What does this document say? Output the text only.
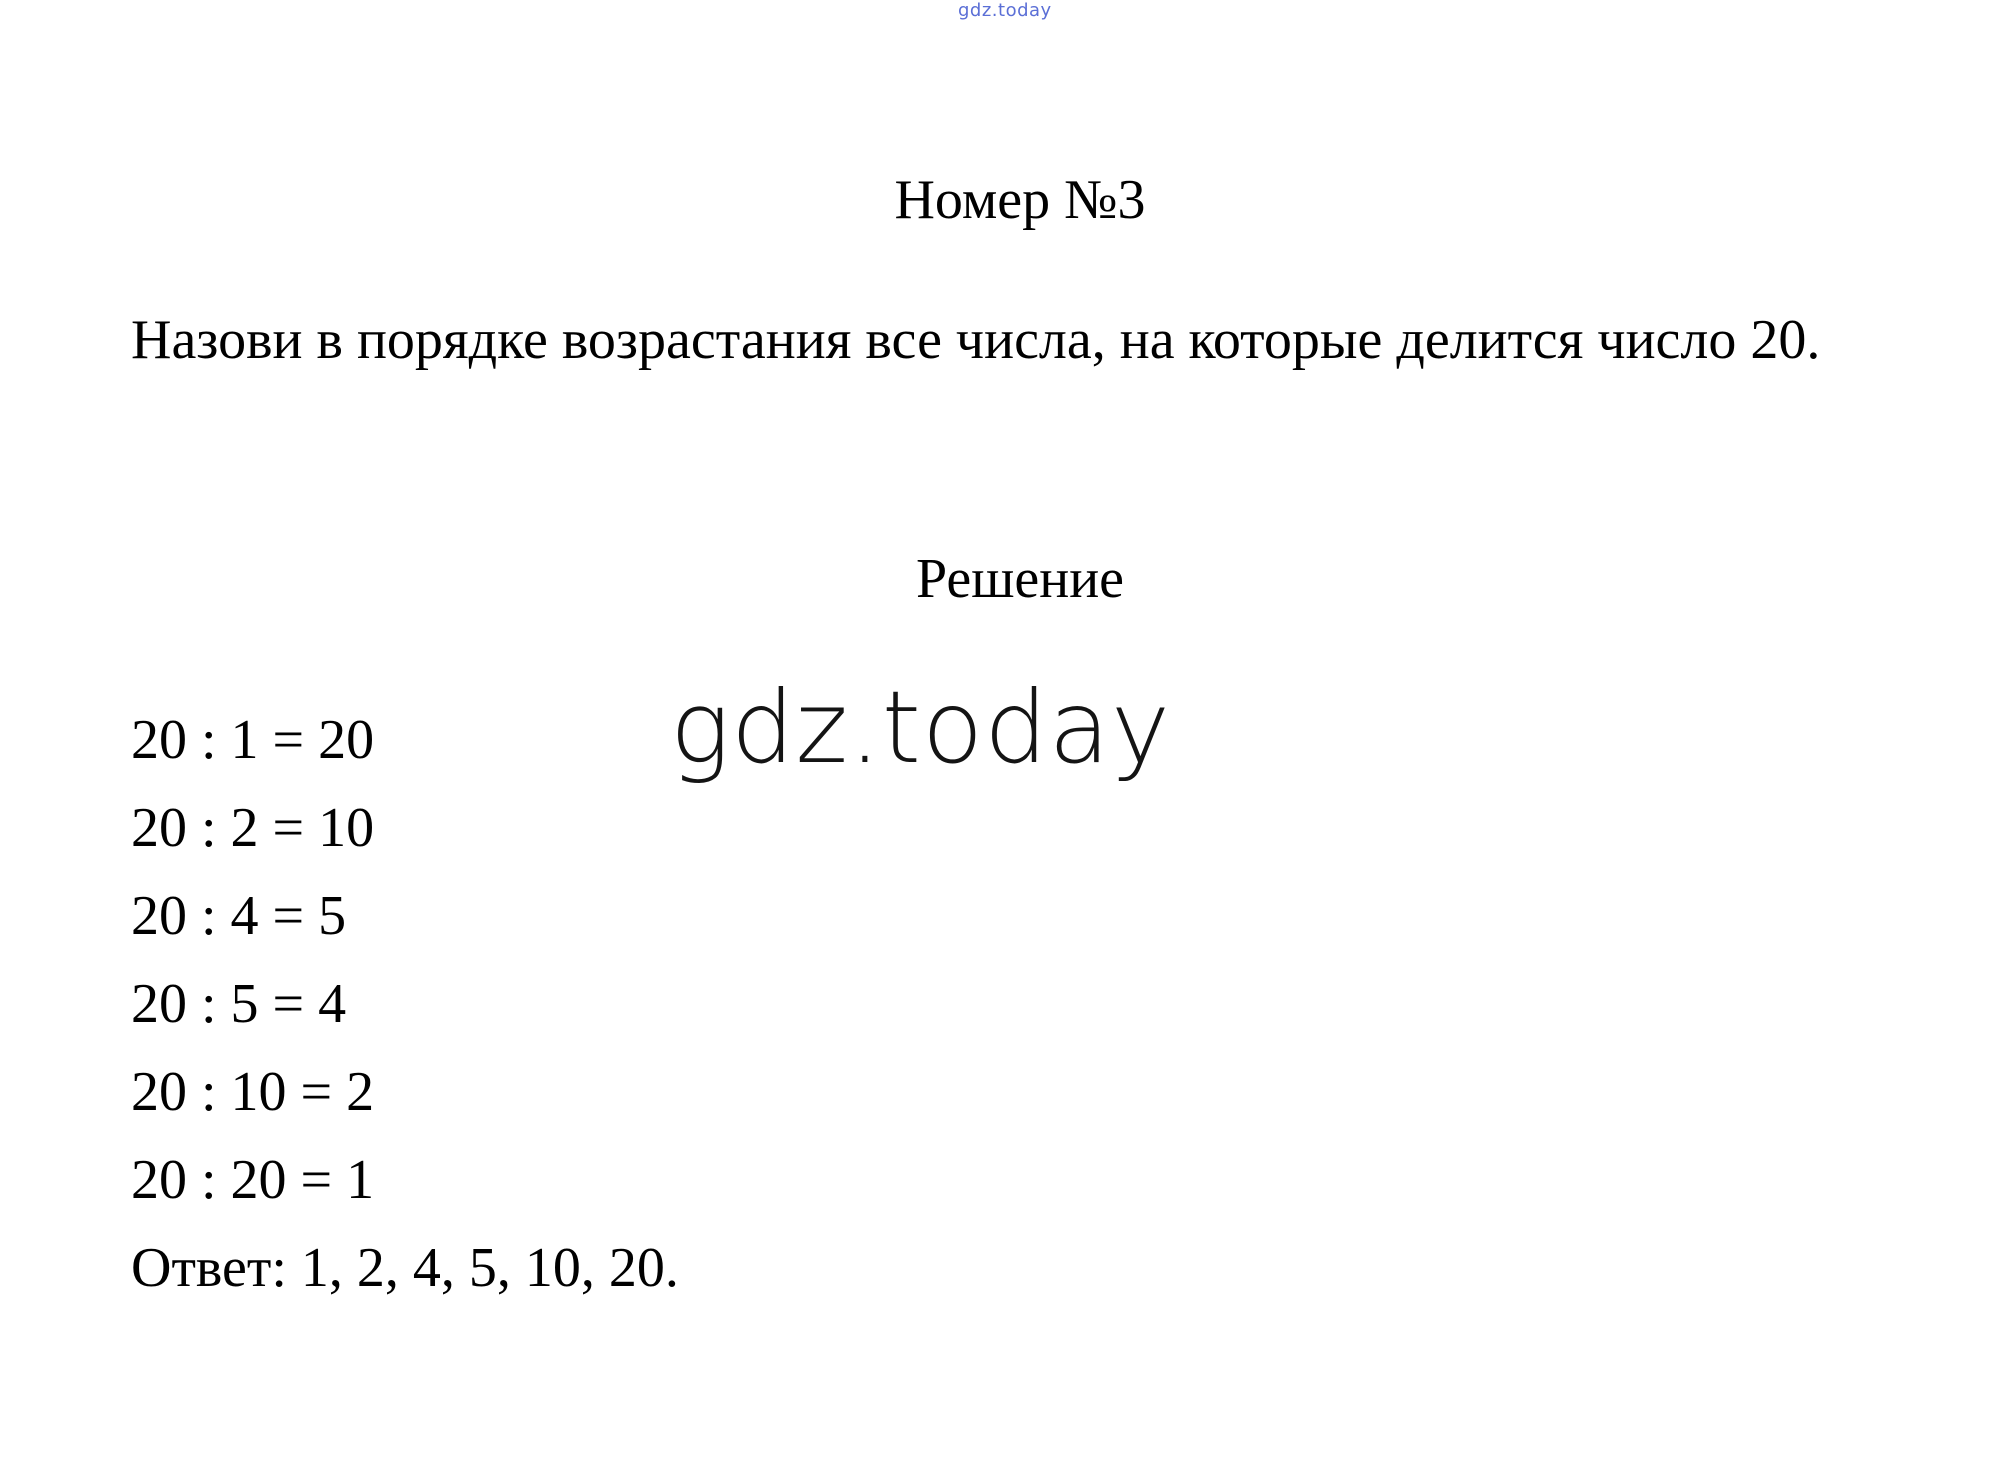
gdz.today
Номер №3
Назови в порядке возрастания все числа, на которые делится число 20.
Решение
20 : 1 = 20
20 : 2 = 10
20 : 4 = 5
20 : 5 = 4
20 : 10 = 2
20 : 20 = 1
Ответ: 1, 2, 4, 5, 10, 20.
gdz.today
